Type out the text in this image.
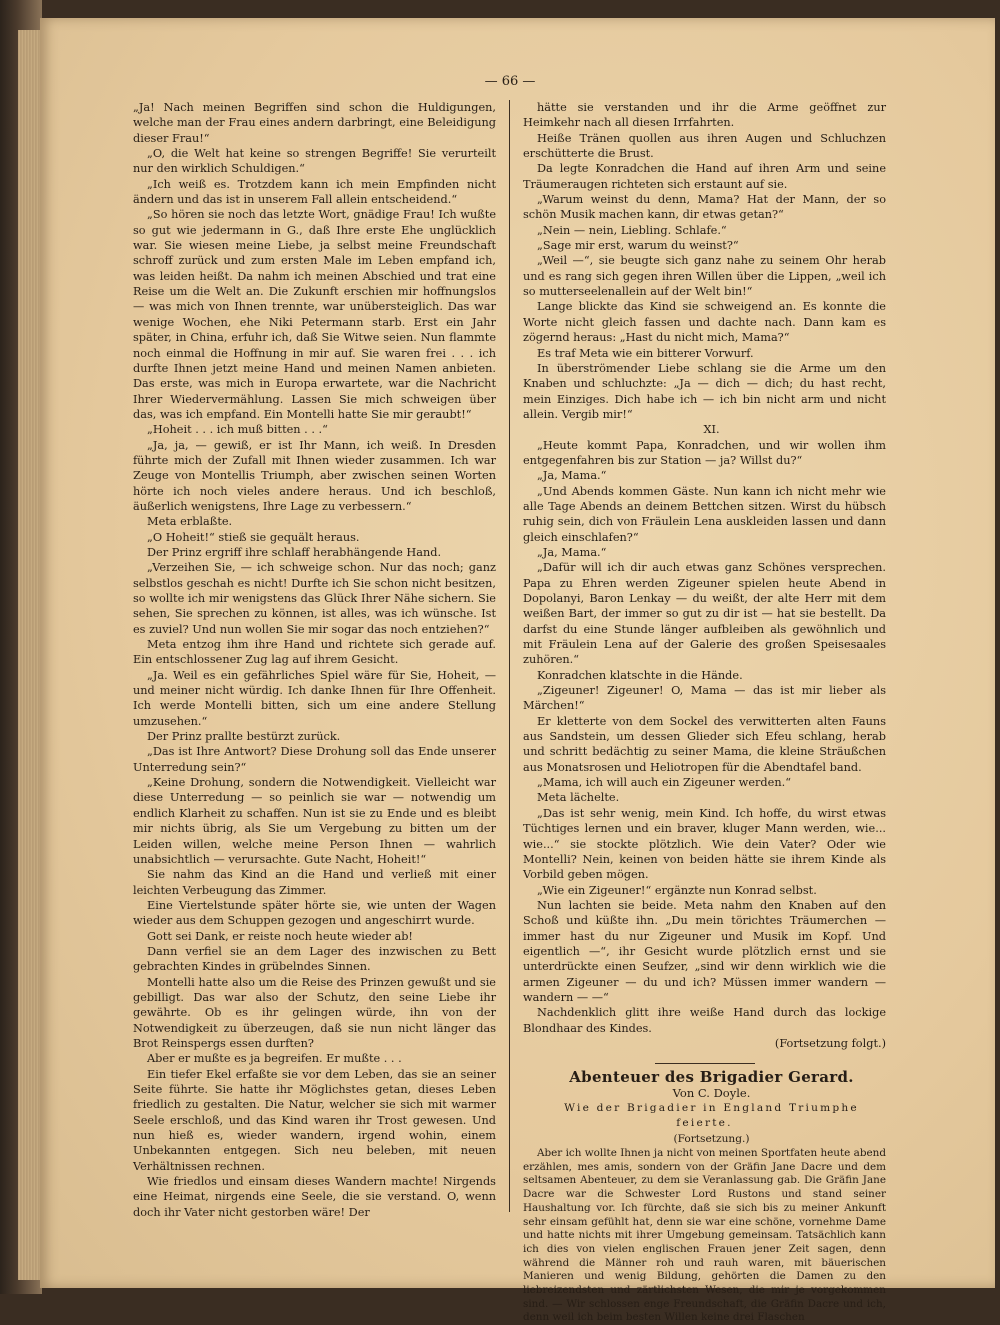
— 66 —

„Ja! Nach meinen Begriffen sind schon die Huldigungen, welche man der Frau eines andern darbringt, eine Beleidigung dieser Frau!“

„O, die Welt hat keine so strengen Begriffe! Sie verurteilt nur den wirklich Schuldigen.“

„Ich weiß es. Trotzdem kann ich mein Empfinden nicht ändern und das ist in unserem Fall allein entscheidend.“

„So hören sie noch das letzte Wort, gnädige Frau! Ich wußte so gut wie jedermann in G., daß Ihre erste Ehe unglücklich war. Sie wiesen meine Liebe, ja selbst meine Freundschaft schroff zurück und zum ersten Male im Leben empfand ich, was leiden heißt. Da nahm ich meinen Abschied und trat eine Reise um die Welt an. Die Zukunft erschien mir hoffnungslos — was mich von Ihnen trennte, war unübersteiglich. Das war wenige Wochen, ehe Niki Petermann starb. Erst ein Jahr später, in China, erfuhr ich, daß Sie Witwe seien. Nun flammte noch einmal die Hoffnung in mir auf. Sie waren frei . . . ich durfte Ihnen jetzt meine Hand und meinen Namen anbieten. Das erste, was mich in Europa erwartete, war die Nachricht Ihrer Wiedervermählung. Lassen Sie mich schweigen über das, was ich empfand. Ein Montelli hatte Sie mir geraubt!“

„Hoheit . . . ich muß bitten . . .“

„Ja, ja, — gewiß, er ist Ihr Mann, ich weiß. In Dresden führte mich der Zufall mit Ihnen wieder zusammen. Ich war Zeuge von Montellis Triumph, aber zwischen seinen Worten hörte ich noch vieles andere heraus. Und ich beschloß, äußerlich wenigstens, Ihre Lage zu verbessern.“

Meta erblaßte.

„O Hoheit!“ stieß sie gequält heraus.

Der Prinz ergriff ihre schlaff herabhängende Hand.

„Verzeihen Sie, — ich schweige schon. Nur das noch; ganz selbstlos geschah es nicht! Durfte ich Sie schon nicht besitzen, so wollte ich mir wenigstens das Glück Ihrer Nähe sichern. Sie sehen, Sie sprechen zu können, ist alles, was ich wünsche. Ist es zuviel? Und nun wollen Sie mir sogar das noch entziehen?“

Meta entzog ihm ihre Hand und richtete sich gerade auf. Ein entschlossener Zug lag auf ihrem Gesicht.

„Ja. Weil es ein gefährliches Spiel wäre für Sie, Hoheit, — und meiner nicht würdig. Ich danke Ihnen für Ihre Offenheit. Ich werde Montelli bitten, sich um eine andere Stellung umzusehen.“

Der Prinz prallte bestürzt zurück.

„Das ist Ihre Antwort? Diese Drohung soll das Ende unserer Unterredung sein?“

„Keine Drohung, sondern die Notwendigkeit. Vielleicht war diese Unterredung — so peinlich sie war — notwendig um endlich Klarheit zu schaffen. Nun ist sie zu Ende und es bleibt mir nichts übrig, als Sie um Vergebung zu bitten um der Leiden willen, welche meine Person Ihnen — wahrlich unabsichtlich — verursachte. Gute Nacht, Hoheit!“

Sie nahm das Kind an die Hand und verließ mit einer leichten Verbeugung das Zimmer.

Eine Viertelstunde später hörte sie, wie unten der Wagen wieder aus dem Schuppen gezogen und angeschirrt wurde.

Gott sei Dank, er reiste noch heute wieder ab!

Dann verfiel sie an dem Lager des inzwischen zu Bett gebrachten Kindes in grübelndes Sinnen.

Montelli hatte also um die Reise des Prinzen gewußt und sie gebilligt. Das war also der Schutz, den seine Liebe ihr gewährte. Ob es ihr gelingen würde, ihn von der Notwendigkeit zu überzeugen, daß sie nun nicht länger das Brot Reinspergs essen durften?

Aber er mußte es ja begreifen. Er mußte . . .

Ein tiefer Ekel erfaßte sie vor dem Leben, das sie an seiner Seite führte. Sie hatte ihr Möglichstes getan, dieses Leben friedlich zu gestalten. Die Natur, welcher sie sich mit warmer Seele erschloß, und das Kind waren ihr Trost gewesen. Und nun hieß es, wieder wandern, irgend wohin, einem Unbekannten entgegen. Sich neu beleben, mit neuen Verhältnissen rechnen.

Wie friedlos und einsam dieses Wandern machte! Nirgends eine Heimat, nirgends eine Seele, die sie verstand. O, wenn doch ihr Vater nicht gestorben wäre! Der

hätte sie verstanden und ihr die Arme geöffnet zur Heimkehr nach all diesen Irrfahrten.

Heiße Tränen quollen aus ihren Augen und Schluchzen erschütterte die Brust.

Da legte Konradchen die Hand auf ihren Arm und seine Träumeraugen richteten sich erstaunt auf sie.

„Warum weinst du denn, Mama? Hat der Mann, der so schön Musik machen kann, dir etwas getan?“

„Nein — nein, Liebling. Schlafe.“

„Sage mir erst, warum du weinst?“

„Weil —“, sie beugte sich ganz nahe zu seinem Ohr herab und es rang sich gegen ihren Willen über die Lippen, „weil ich so mutterseelenallein auf der Welt bin!“

Lange blickte das Kind sie schweigend an. Es konnte die Worte nicht gleich fassen und dachte nach. Dann kam es zögernd heraus: „Hast du nicht mich, Mama?“

Es traf Meta wie ein bitterer Vorwurf.

In überströmender Liebe schlang sie die Arme um den Knaben und schluchzte: „Ja — dich — dich; du hast recht, mein Einziges. Dich habe ich — ich bin nicht arm und nicht allein. Vergib mir!“

XI.

„Heute kommt Papa, Konradchen, und wir wollen ihm entgegenfahren bis zur Station — ja? Willst du?“

„Ja, Mama.“

„Und Abends kommen Gäste. Nun kann ich nicht mehr wie alle Tage Abends an deinem Bettchen sitzen. Wirst du hübsch ruhig sein, dich von Fräulein Lena auskleiden lassen und dann gleich einschlafen?“

„Ja, Mama.“

„Dafür will ich dir auch etwas ganz Schönes versprechen. Papa zu Ehren werden Zigeuner spielen heute Abend in Dopolanyi, Baron Lenkay — du weißt, der alte Herr mit dem weißen Bart, der immer so gut zu dir ist — hat sie bestellt. Da darfst du eine Stunde länger aufbleiben als gewöhnlich und mit Fräulein Lena auf der Galerie des großen Speisesaales zuhören.“

Konradchen klatschte in die Hände.

„Zigeuner! Zigeuner! O, Mama — das ist mir lieber als Märchen!“

Er kletterte von dem Sockel des verwitterten alten Fauns aus Sandstein, um dessen Glieder sich Efeu schlang, herab und schritt bedächtig zu seiner Mama, die kleine Sträußchen aus Monatsrosen und Heliotropen für die Abendtafel band.

„Mama, ich will auch ein Zigeuner werden.“

Meta lächelte.

„Das ist sehr wenig, mein Kind. Ich hoffe, du wirst etwas Tüchtiges lernen und ein braver, kluger Mann werden, wie... wie...“ sie stockte plötzlich. Wie dein Vater? Oder wie Montelli? Nein, keinen von beiden hätte sie ihrem Kinde als Vorbild geben mögen.

„Wie ein Zigeuner!“ ergänzte nun Konrad selbst.

Nun lachten sie beide. Meta nahm den Knaben auf den Schoß und küßte ihn. „Du mein törichtes Träumerchen — immer hast du nur Zigeuner und Musik im Kopf. Und eigentlich —“, ihr Gesicht wurde plötzlich ernst und sie unterdrückte einen Seufzer, „sind wir denn wirklich wie die armen Zigeuner — du und ich? Müssen immer wandern — wandern — —“

Nachdenklich glitt ihre weiße Hand durch das lockige Blondhaar des Kindes.

(Fortsetzung folgt.)

Abenteuer des Brigadier Gerard.

Von C. Doyle.

Wie der Brigadier in England Triumphe feierte.

(Fortsetzung.)

Aber ich wollte Ihnen ja nicht von meinen Sportfaten heute abend erzählen, mes amis, sondern von der Gräfin Jane Dacre und dem seltsamen Abenteuer, zu dem sie Veranlassung gab. Die Gräfin Jane Dacre war die Schwester Lord Rustons und stand seiner Haushaltung vor. Ich fürchte, daß sie sich bis zu meiner Ankunft sehr einsam gefühlt hat, denn sie war eine schöne, vornehme Dame und hatte nichts mit ihrer Umgebung gemeinsam. Tatsächlich kann ich dies von vielen englischen Frauen jener Zeit sagen, denn während die Männer roh und rauh waren, mit bäuerischen Manieren und wenig Bildung, gehörten die Damen zu den liebreizendsten und zärtlichsten Wesen, die mir je vorgekommen sind. — Wir schlossen enge Freundschaft, die Gräfin Dacre und ich, denn weil ich beim besten Willen keine drei Flaschen
